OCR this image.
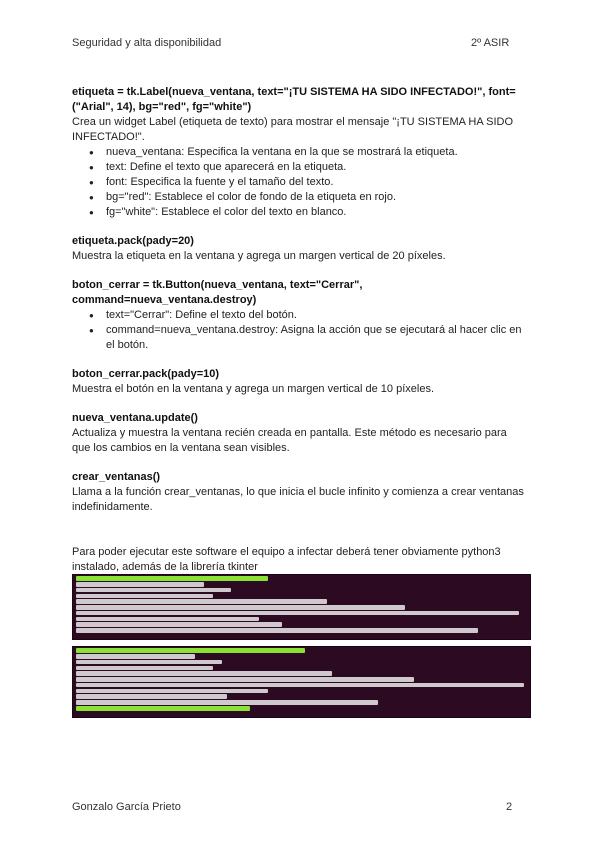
Seguridad y alta disponibilidad	2º ASIR

etiqueta = tk.Label(nueva_ventana, text="¡TU SISTEMA HA SIDO INFECTADO!", font=("Arial", 14), bg="red", fg="white")

Crea un widget Label (etiqueta de texto) para mostrar el mensaje "¡TU SISTEMA HA SIDO INFECTADO!".

● nueva_ventana: Especifica la ventana en la que se mostrará la etiqueta.
● text: Define el texto que aparecerá en la etiqueta.
● font: Especifica la fuente y el tamaño del texto.
● bg="red": Establece el color de fondo de la etiqueta en rojo.
● fg="white": Establece el color del texto en blanco.

etiqueta.pack(pady=20)

Muestra la etiqueta en la ventana y agrega un margen vertical de 20 píxeles.

boton_cerrar = tk.Button(nueva_ventana, text="Cerrar", command=nueva_ventana.destroy)

● text="Cerrar": Define el texto del botón.
● command=nueva_ventana.destroy: Asigna la acción que se ejecutará al hacer clic en el botón.

boton_cerrar.pack(pady=10)

Muestra el botón en la ventana y agrega un margen vertical de 10 píxeles.

nueva_ventana.update()

Actualiza y muestra la ventana recién creada en pantalla. Este método es necesario para que los cambios en la ventana sean visibles.

crear_ventanas()

Llama a la función crear_ventanas, lo que inicia el bucle infinito y comienza a crear ventanas indefinidamente.

Para poder ejecutar este software el equipo a infectar deberá tener obviamente python3 instalado, además de la librería tkinter

Gonzalo García Prieto	2
